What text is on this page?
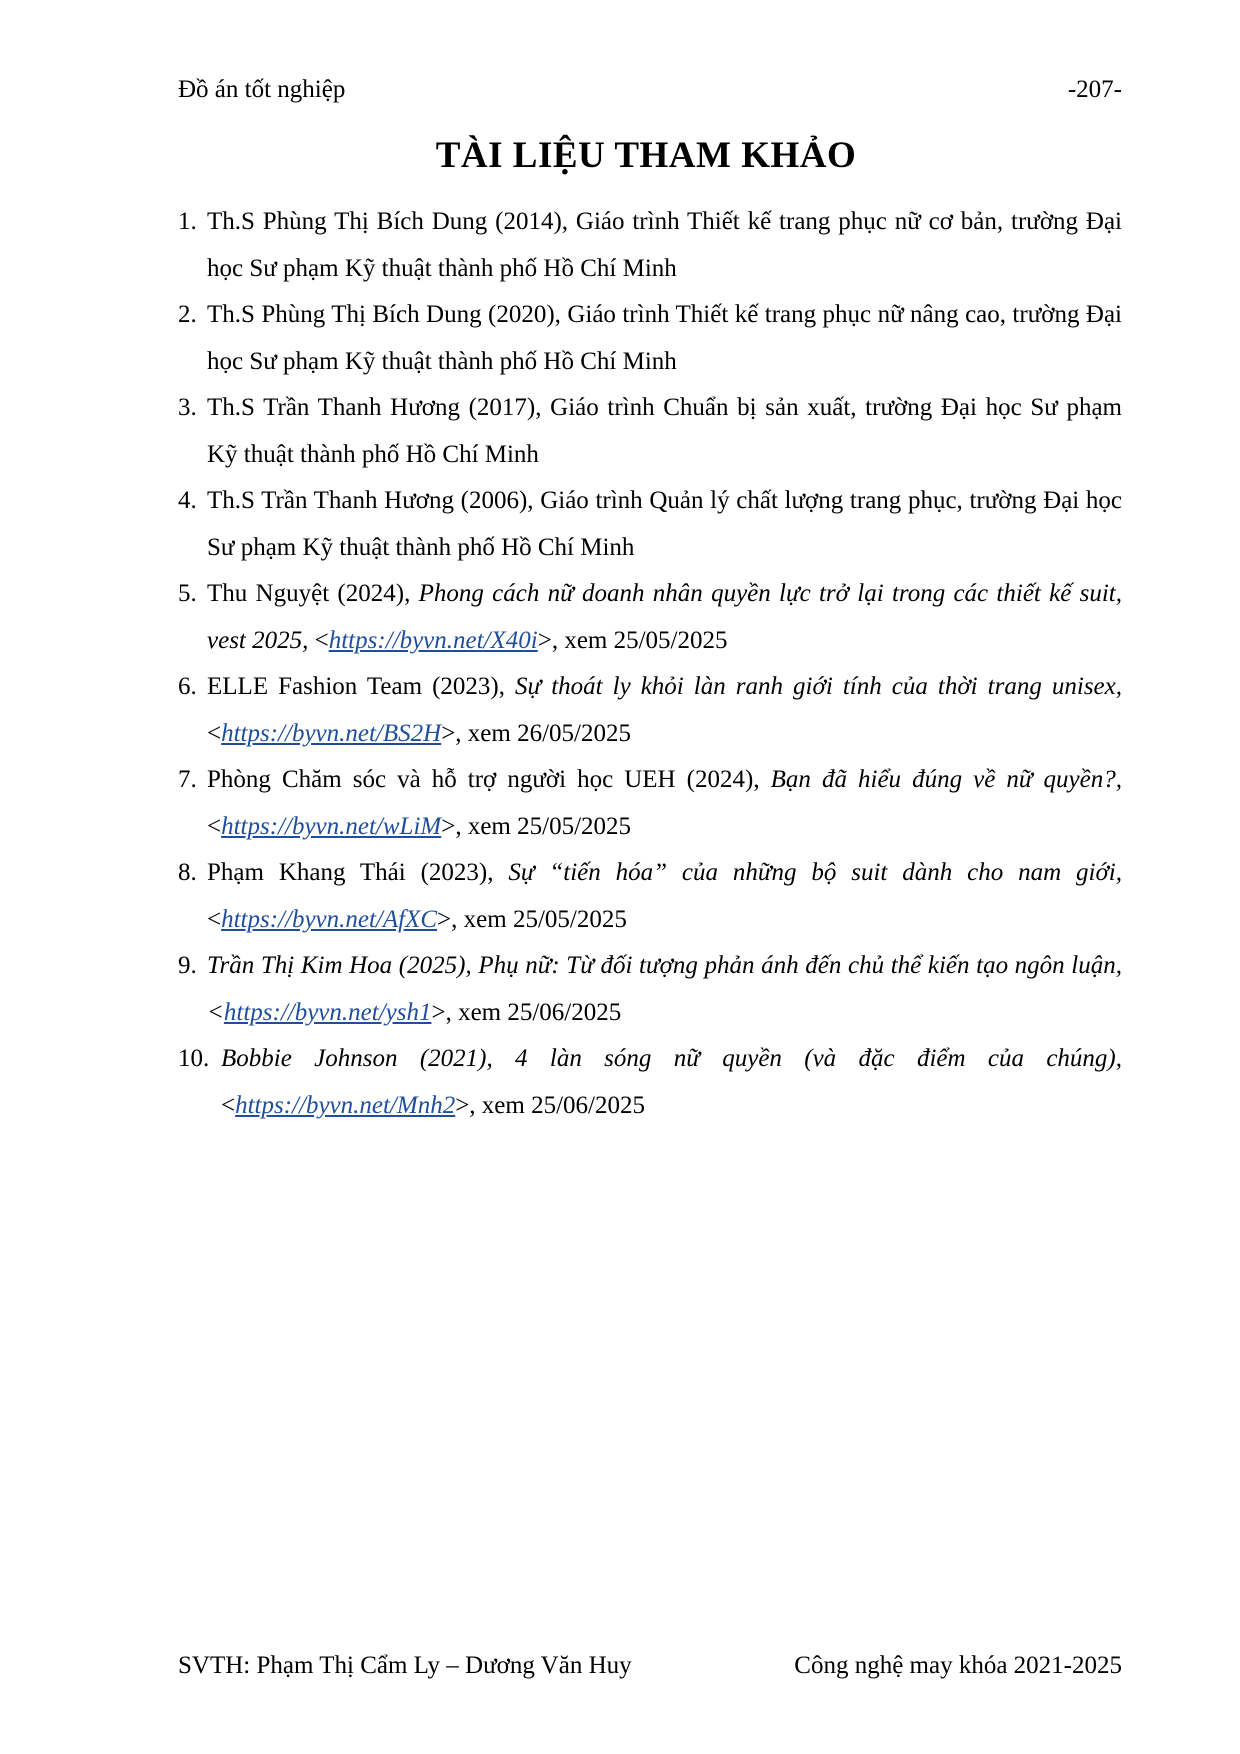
Đồ án tốt nghiệp	-207-
TÀI LIỆU THAM KHẢO
1. Th.S Phùng Thị Bích Dung (2014), Giáo trình Thiết kế trang phục nữ cơ bản, trường Đại học Sư phạm Kỹ thuật thành phố Hồ Chí Minh
2. Th.S Phùng Thị Bích Dung (2020), Giáo trình Thiết kế trang phục nữ nâng cao, trường Đại học Sư phạm Kỹ thuật thành phố Hồ Chí Minh
3. Th.S Trần Thanh Hương (2017), Giáo trình Chuẩn bị sản xuất, trường Đại học Sư phạm Kỹ thuật thành phố Hồ Chí Minh
4. Th.S Trần Thanh Hương (2006), Giáo trình Quản lý chất lượng trang phục, trường Đại học Sư phạm Kỹ thuật thành phố Hồ Chí Minh
5. Thu Nguyệt (2024), Phong cách nữ doanh nhân quyền lực trở lại trong các thiết kế suit, vest 2025, <https://byvn.net/X40i>, xem 25/05/2025
6. ELLE Fashion Team (2023), Sự thoát ly khỏi làn ranh giới tính của thời trang unisex, <https://byvn.net/BS2H>, xem 26/05/2025
7. Phòng Chăm sóc và hỗ trợ người học UEH (2024), Bạn đã hiểu đúng về nữ quyền?, <https://byvn.net/wLiM>, xem 25/05/2025
8. Phạm Khang Thái (2023), Sự “tiến hóa” của những bộ suit dành cho nam giới, <https://byvn.net/AfXC>, xem 25/05/2025
9. Trần Thị Kim Hoa (2025), Phụ nữ: Từ đối tượng phản ánh đến chủ thể kiến tạo ngôn luận, <https://byvn.net/ysh1>, xem 25/06/2025
10. Bobbie Johnson (2021), 4 làn sóng nữ quyền (và đặc điểm của chúng), <https://byvn.net/Mnh2>, xem 25/06/2025
SVTH: Phạm Thị Cẩm Ly – Dương Văn Huy	Công nghệ may khóa 2021-2025
